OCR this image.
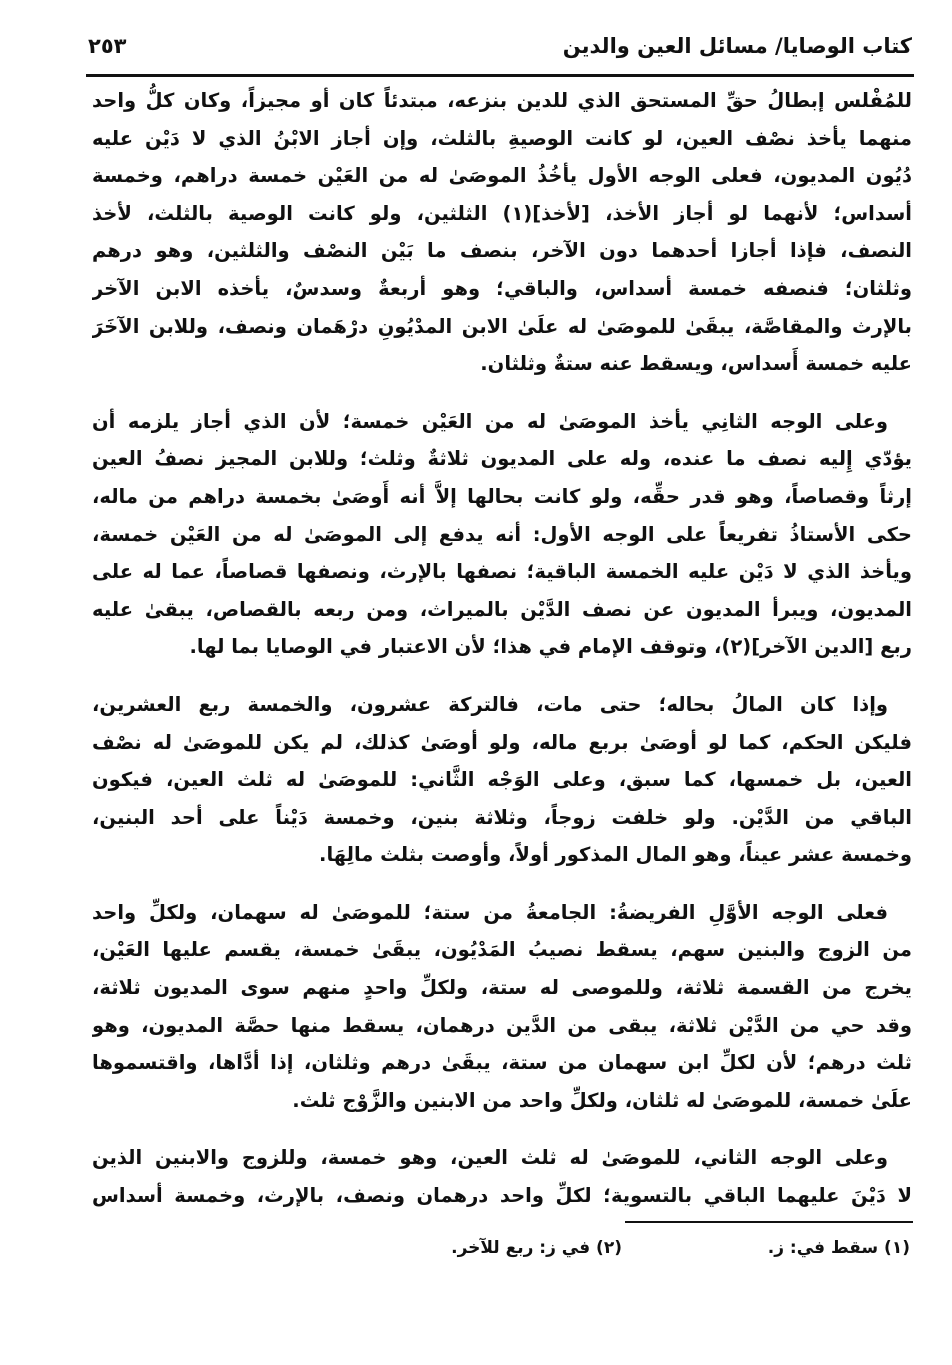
كتاب الوصايا/ مسائل العين والدين
٢٥٣
للمُفْلس إبطالُ حقِّ المستحق الذي للدين بنزعه، مبتدئاً كان أو مجيزاً، وكان كلُّ واحد
منهما يأخذ نصْف العين، لو كانت الوصيةِ بالثلث، وإن أجاز الابْنُ الذي لا دَيْن عليه
دُيُون المديون، فعلى الوجه الأول يأخُذُ الموصَىٰ له من العَيْن خمسة دراهم، وخمسة
أسداس؛ لأنهما لو أجاز الأخذ، [لأخذ](١) الثلثين، ولو كانت الوصية بالثلث، لأخذ
النصف، فإذا أجازا أحدهما دون الآخر، بنصف ما بَيْن النصْف والثلثين، وهو درهم
وثلثان؛ فنصفه خمسة أسداس، والباقي؛ وهو أربعةٌ وسدسٌ، يأخذه الابن الآخر
بالإرث والمقاصَّة، يبقَىٰ للموصَىٰ له علَىٰ الابن المدْيُونِ درْهَمان ونصف، وللابن الآخَرَ
عليه خمسة أَسداس، ويسقط عنه ستةٌ وثلثان.
وعلى الوجه الثانِي يأخذ الموصَىٰ له من العَيْن خمسة؛ لأن الذي أجاز يلزمه أن
يؤدّي إِليه نصف ما عنده، وله على المديون ثلاثةٌ وثلث؛ وللابن المجيز نصفُ العين
إرثاً وقصاصاً، وهو قدر حقِّه، ولو كانت بحالها إلاَّ أنه أَوصَىٰ بخمسة دراهم من ماله،
حكى الأستاذُ تفريعاً على الوجه الأول: أنه يدفع إلى الموصَىٰ له من العَيْن خمسة،
ويأخذ الذي لا دَيْن عليه الخمسة الباقية؛ نصفها بالإرث، ونصفها قصاصاً، عما له على
المديون، ويبرأ المديون عن نصف الدَّيْن بالميراث، ومن ربعه بالقصاص، يبقىٰ عليه
ربع [الدين الآخر](٢)، وتوقف الإمام في هذا؛ لأن الاعتبار في الوصايا بما لها.
وإذا كان المالُ بحاله؛ حتى مات، فالتركة عشرون، والخمسة ربع العشرين،
فليكن الحكم، كما لو أوصَىٰ بربع ماله، ولو أوصَىٰ كذلك، لم يكن للموصَىٰ له نصْف
العين، بل خمسها، كما سبق، وعلى الوَجْه الثَّاني: للموصَىٰ له ثلث العين، فيكون
الباقي من الدَّيْن. ولو خلفت زوجاً، وثلاثة بنين، وخمسة دَيْناً على أحد البنين،
وخمسة عشر عيناً، وهو المال المذكور أولاً، وأوصت بثلث مالِهَا.
فعلى الوجه الأوَّلِ الفريضةُ: الجامعةُ من ستة؛ للموصَىٰ له سهمان، ولكلِّ واحد
من الزوج والبنين سهم، يسقط نصيبُ المَدْيُون، يبقَىٰ خمسة، يقسم عليها العَيْن،
يخرج من القسمة ثلاثة، وللموصى له ستة، ولكلِّ واحدٍ منهم سوى المديون ثلاثة،
وقد حي من الدَّيْن ثلاثة، يبقى من الدَّين درهمان، يسقط منها حصَّة المديون، وهو
ثلث درهم؛ لأن لكلِّ ابن سهمان من ستة، يبقَىٰ درهم وثلثان، إذا أدَّاها، واقتسموها
علَىٰ خمسة، للموصَىٰ له ثلثان، ولكلِّ واحد من الابنين والزَّوْج ثلث.
وعلى الوجه الثاني، للموصَىٰ له ثلث العين، وهو خمسة، وللزوج والابنين الذين
لا دَيْنَ عليهما الباقي بالتسوية؛ لكلِّ واحد درهمان ونصف، بالإرث، وخمسة أسداس
(١) سقط في: ز.
(٢) في ز: ربع للآخر.
